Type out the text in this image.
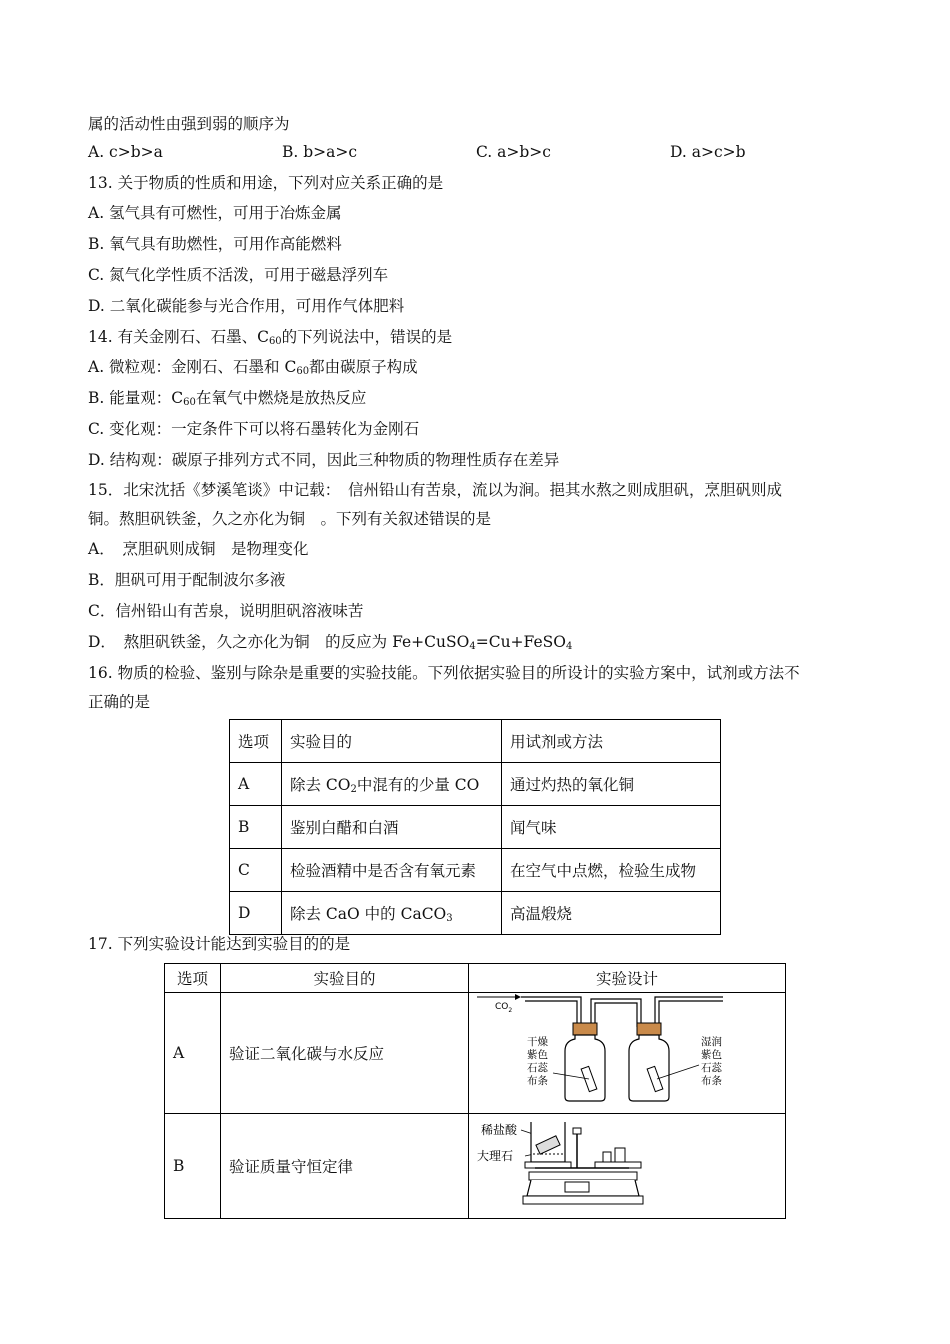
属的活动性由强到弱的顺序为
A. c>b>a	B. b>a>c	C. a>b>c	D. a>c>b
13. 关于物质的性质和用途，下列对应关系正确的是
A. 氢气具有可燃性，可用于冶炼金属
B. 氧气具有助燃性，可用作高能燃料
C. 氮气化学性质不活泼，可用于磁悬浮列车
D. 二氧化碳能参与光合作用，可用作气体肥料
14. 有关金刚石、石墨、$C_{60}$的下列说法中，错误的是
A. 微粒观：金刚石、石墨和 $C_{60}$都由碳原子构成
B. 能量观：$C_{60}$在氧气中燃烧是放热反应
C. 变化观：一定条件下可以将石墨转化为金刚石
D. 结构观：碳原子排列方式不同，因此三种物质的物理性质存在差异
15．北宋沈括《梦溪笔谈》中记载：　信州铅山有苦泉，流以为涧。挹其水熬之则成胆矾，烹胆矾则成
铜。熬胆矾铁釜，久之亦化为铜　。下列有关叙述错误的是
A．　烹胆矾则成铜　是物理变化
B．胆矾可用于配制波尔多液
C．信州铅山有苦泉，说明胆矾溶液味苦
D．　熬胆矾铁釜，久之亦化为铜　的反应为 Fe+CuSO$_4$=Cu+FeSO$_4$
16. 物质的检验、鉴别与除杂是重要的实验技能。下列依据实验目的所设计的实验方案中，试剂或方法不
正确的是
选项	实验目的	用试剂或方法
A	除去 $CO_2$中混有的少量 CO	通过灼热的氧化铜
B	鉴别白醋和白酒	闻气味
C	检验酒精中是否含有氧元素	在空气中点燃，检验生成物
D	除去 CaO 中的 CaCO$_3$	高温煅烧
17. 下列实验设计能达到实验目的的是
选项	实验目的	实验设计
A	验证二氧化碳与水反应	$CO_2$
干燥 紫色 石蕊 布条
湿润 紫色 石蕊 布条

B	验证质量守恒定律	稀盐酸
大理石
